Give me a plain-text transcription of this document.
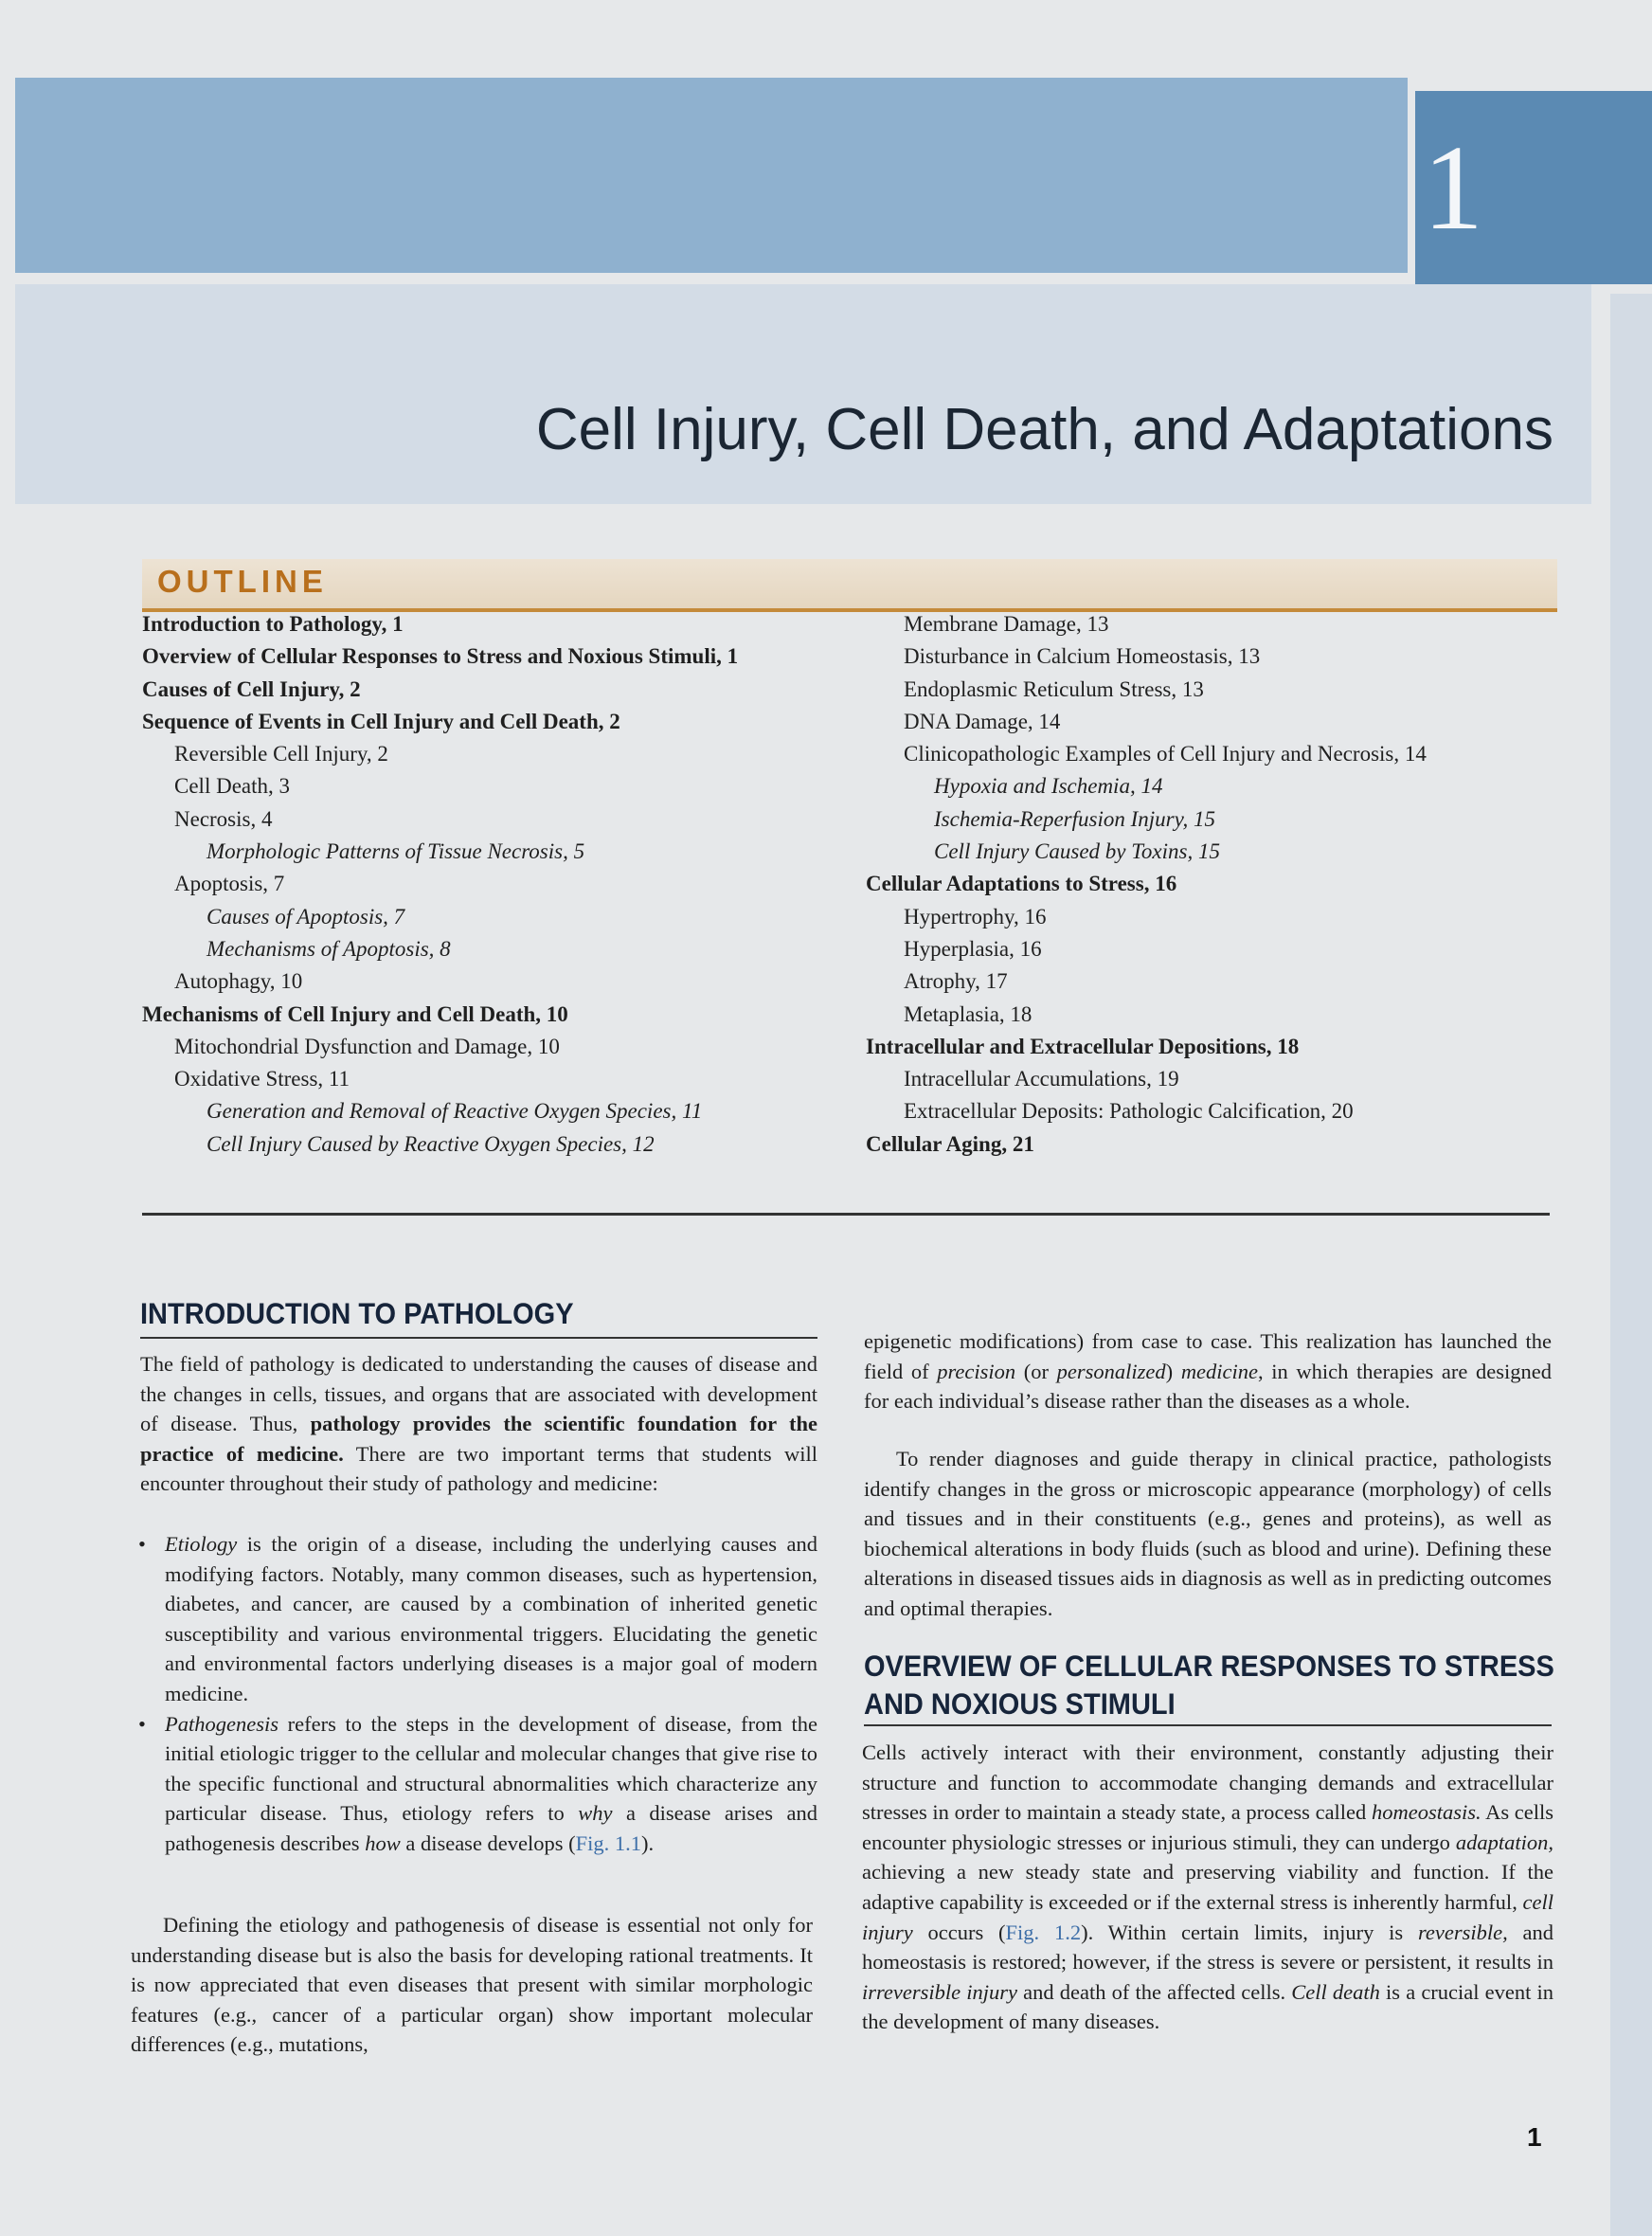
1
Cell Injury, Cell Death, and Adaptations
OUTLINE
Introduction to Pathology, 1
Overview of Cellular Responses to Stress and Noxious Stimuli, 1
Causes of Cell Injury, 2
Sequence of Events in Cell Injury and Cell Death, 2
Reversible Cell Injury, 2
Cell Death, 3
Necrosis, 4
Morphologic Patterns of Tissue Necrosis, 5
Apoptosis, 7
Causes of Apoptosis, 7
Mechanisms of Apoptosis, 8
Autophagy, 10
Mechanisms of Cell Injury and Cell Death, 10
Mitochondrial Dysfunction and Damage, 10
Oxidative Stress, 11
Generation and Removal of Reactive Oxygen Species, 11
Cell Injury Caused by Reactive Oxygen Species, 12
Membrane Damage, 13
Disturbance in Calcium Homeostasis, 13
Endoplasmic Reticulum Stress, 13
DNA Damage, 14
Clinicopathologic Examples of Cell Injury and Necrosis, 14
Hypoxia and Ischemia, 14
Ischemia-Reperfusion Injury, 15
Cell Injury Caused by Toxins, 15
Cellular Adaptations to Stress, 16
Hypertrophy, 16
Hyperplasia, 16
Atrophy, 17
Metaplasia, 18
Intracellular and Extracellular Depositions, 18
Intracellular Accumulations, 19
Extracellular Deposits: Pathologic Calcification, 20
Cellular Aging, 21
INTRODUCTION TO PATHOLOGY

The field of pathology is dedicated to understanding the causes of disease and the changes in cells, tissues, and organs that are associated with development of disease. Thus, pathology provides the scientific foundation for the practice of medicine. There are two important terms that students will encounter throughout their study of pathology and medicine:

• Etiology is the origin of a disease, including the underlying causes and modifying factors. Notably, many common diseases, such as hypertension, diabetes, and cancer, are caused by a combination of inherited genetic susceptibility and various environmental triggers. Elucidating the genetic and environmental factors underlying diseases is a major goal of modern medicine.
• Pathogenesis refers to the steps in the development of disease, from the initial etiologic trigger to the cellular and molecular changes that give rise to the specific functional and structural abnormalities which characterize any particular disease. Thus, etiology refers to why a disease arises and pathogenesis describes how a disease develops (Fig. 1.1).

Defining the etiology and pathogenesis of disease is essential not only for understanding disease but is also the basis for developing rational treatments. It is now appreciated that even diseases that present with similar morphologic features (e.g., cancer of a particular organ) show important molecular differences (e.g., mutations,

epigenetic modifications) from case to case. This realization has launched the field of precision (or personalized) medicine, in which therapies are designed for each individual’s disease rather than the diseases as a whole.

To render diagnoses and guide therapy in clinical practice, pathologists identify changes in the gross or microscopic appearance (morphology) of cells and tissues and in their constituents (e.g., genes and proteins), as well as biochemical alterations in body fluids (such as blood and urine). Defining these alterations in diseased tissues aids in diagnosis as well as in predicting outcomes and optimal therapies.

OVERVIEW OF CELLULAR RESPONSES TO STRESS
AND NOXIOUS STIMULI

Cells actively interact with their environment, constantly adjusting their structure and function to accommodate changing demands and extracellular stresses in order to maintain a steady state, a process called homeostasis. As cells encounter physiologic stresses or injurious stimuli, they can undergo adaptation, achieving a new steady state and preserving viability and function. If the adaptive capability is exceeded or if the external stress is inherently harmful, cell injury occurs (Fig. 1.2). Within certain limits, injury is reversible, and homeostasis is restored; however, if the stress is severe or persistent, it results in irreversible injury and death of the affected cells. Cell death is a crucial event in the development of many diseases.

1
